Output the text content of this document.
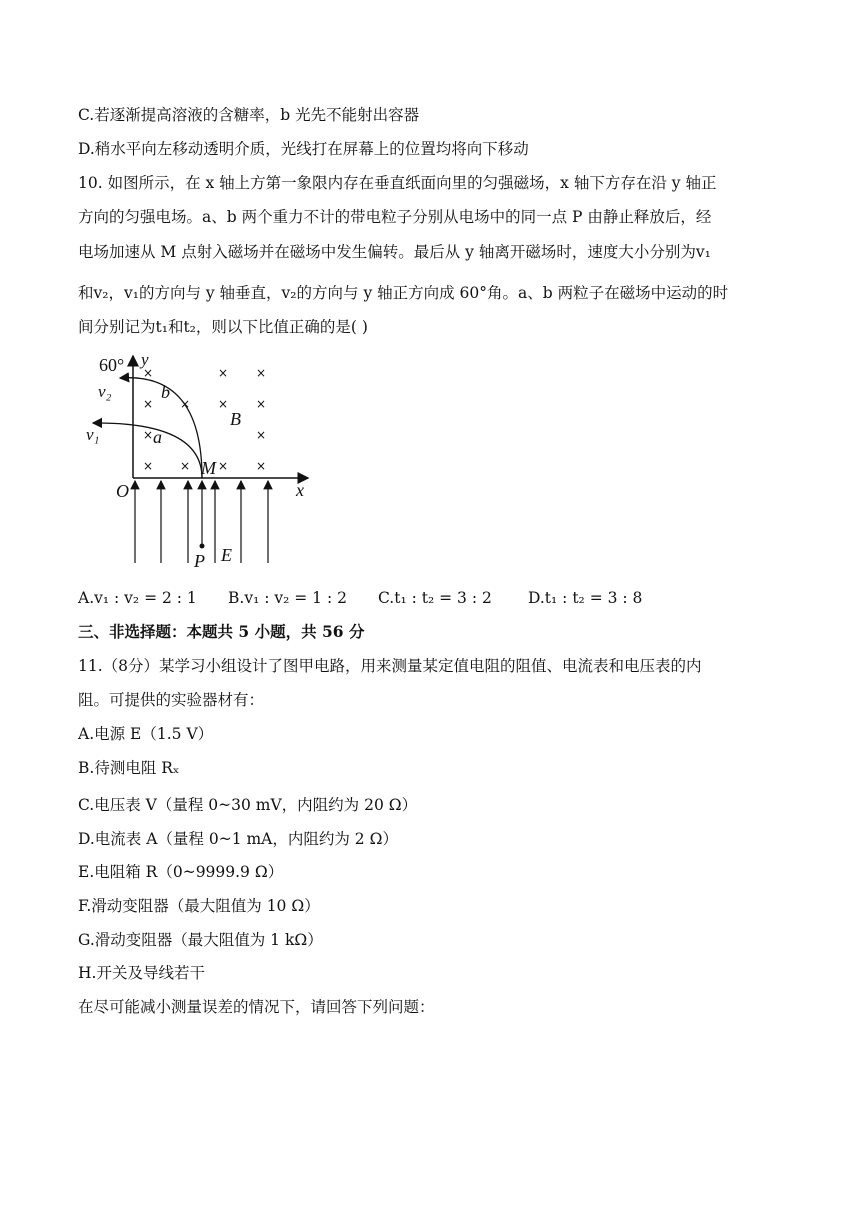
C.若逐渐提高溶液的含糖率，b 光先不能射出容器
D.稍水平向左移动透明介质，光线打在屏幕上的位置均将向下移动
10. 如图所示，在 x 轴上方第一象限内存在垂直纸面向里的匀强磁场，x 轴下方存在沿 y 轴正
方向的匀强电场。a、b 两个重力不计的带电粒子分别从电场中的同一点 P 由静止释放后，经
电场加速从 M 点射入磁场并在磁场中发生偏转。最后从 y 轴离开磁场时，速度大小分别为v₁
和v₂，v₁的方向与 y 轴垂直，v₂的方向与 y 轴正方向成 60°角。a、b 两粒子在磁场中运动的时
间分别记为t₁和t₂，则以下比值正确的是( )
×	× ×
× × × ×
×	×
× × × ×
60° y
x
v₂
v₁
b
a
B
M
O
P E
A.v₁ : v₂ = 2 : 1 B.v₁ : v₂ = 1 : 2 C.t₁ : t₂ = 3 : 2 D.t₁ : t₂ = 3 : 8
三、非选择题：本题共 5 小题，共 56 分
11.（8分）某学习小组设计了图甲电路，用来测量某定值电阻的阻值、电流表和电压表的内
阻。可提供的实验器材有：
A.电源 E（1.5 V）
B.待测电阻 Rₓ
C.电压表 V（量程 0~30 mV，内阻约为 20 Ω）
D.电流表 A（量程 0~1 mA，内阻约为 2 Ω）
E.电阻箱 R（0~9999.9 Ω）
F.滑动变阻器（最大阻值为 10 Ω）
G.滑动变阻器（最大阻值为 1 kΩ）
H.开关及导线若干
在尽可能减小测量误差的情况下，请回答下列问题：
